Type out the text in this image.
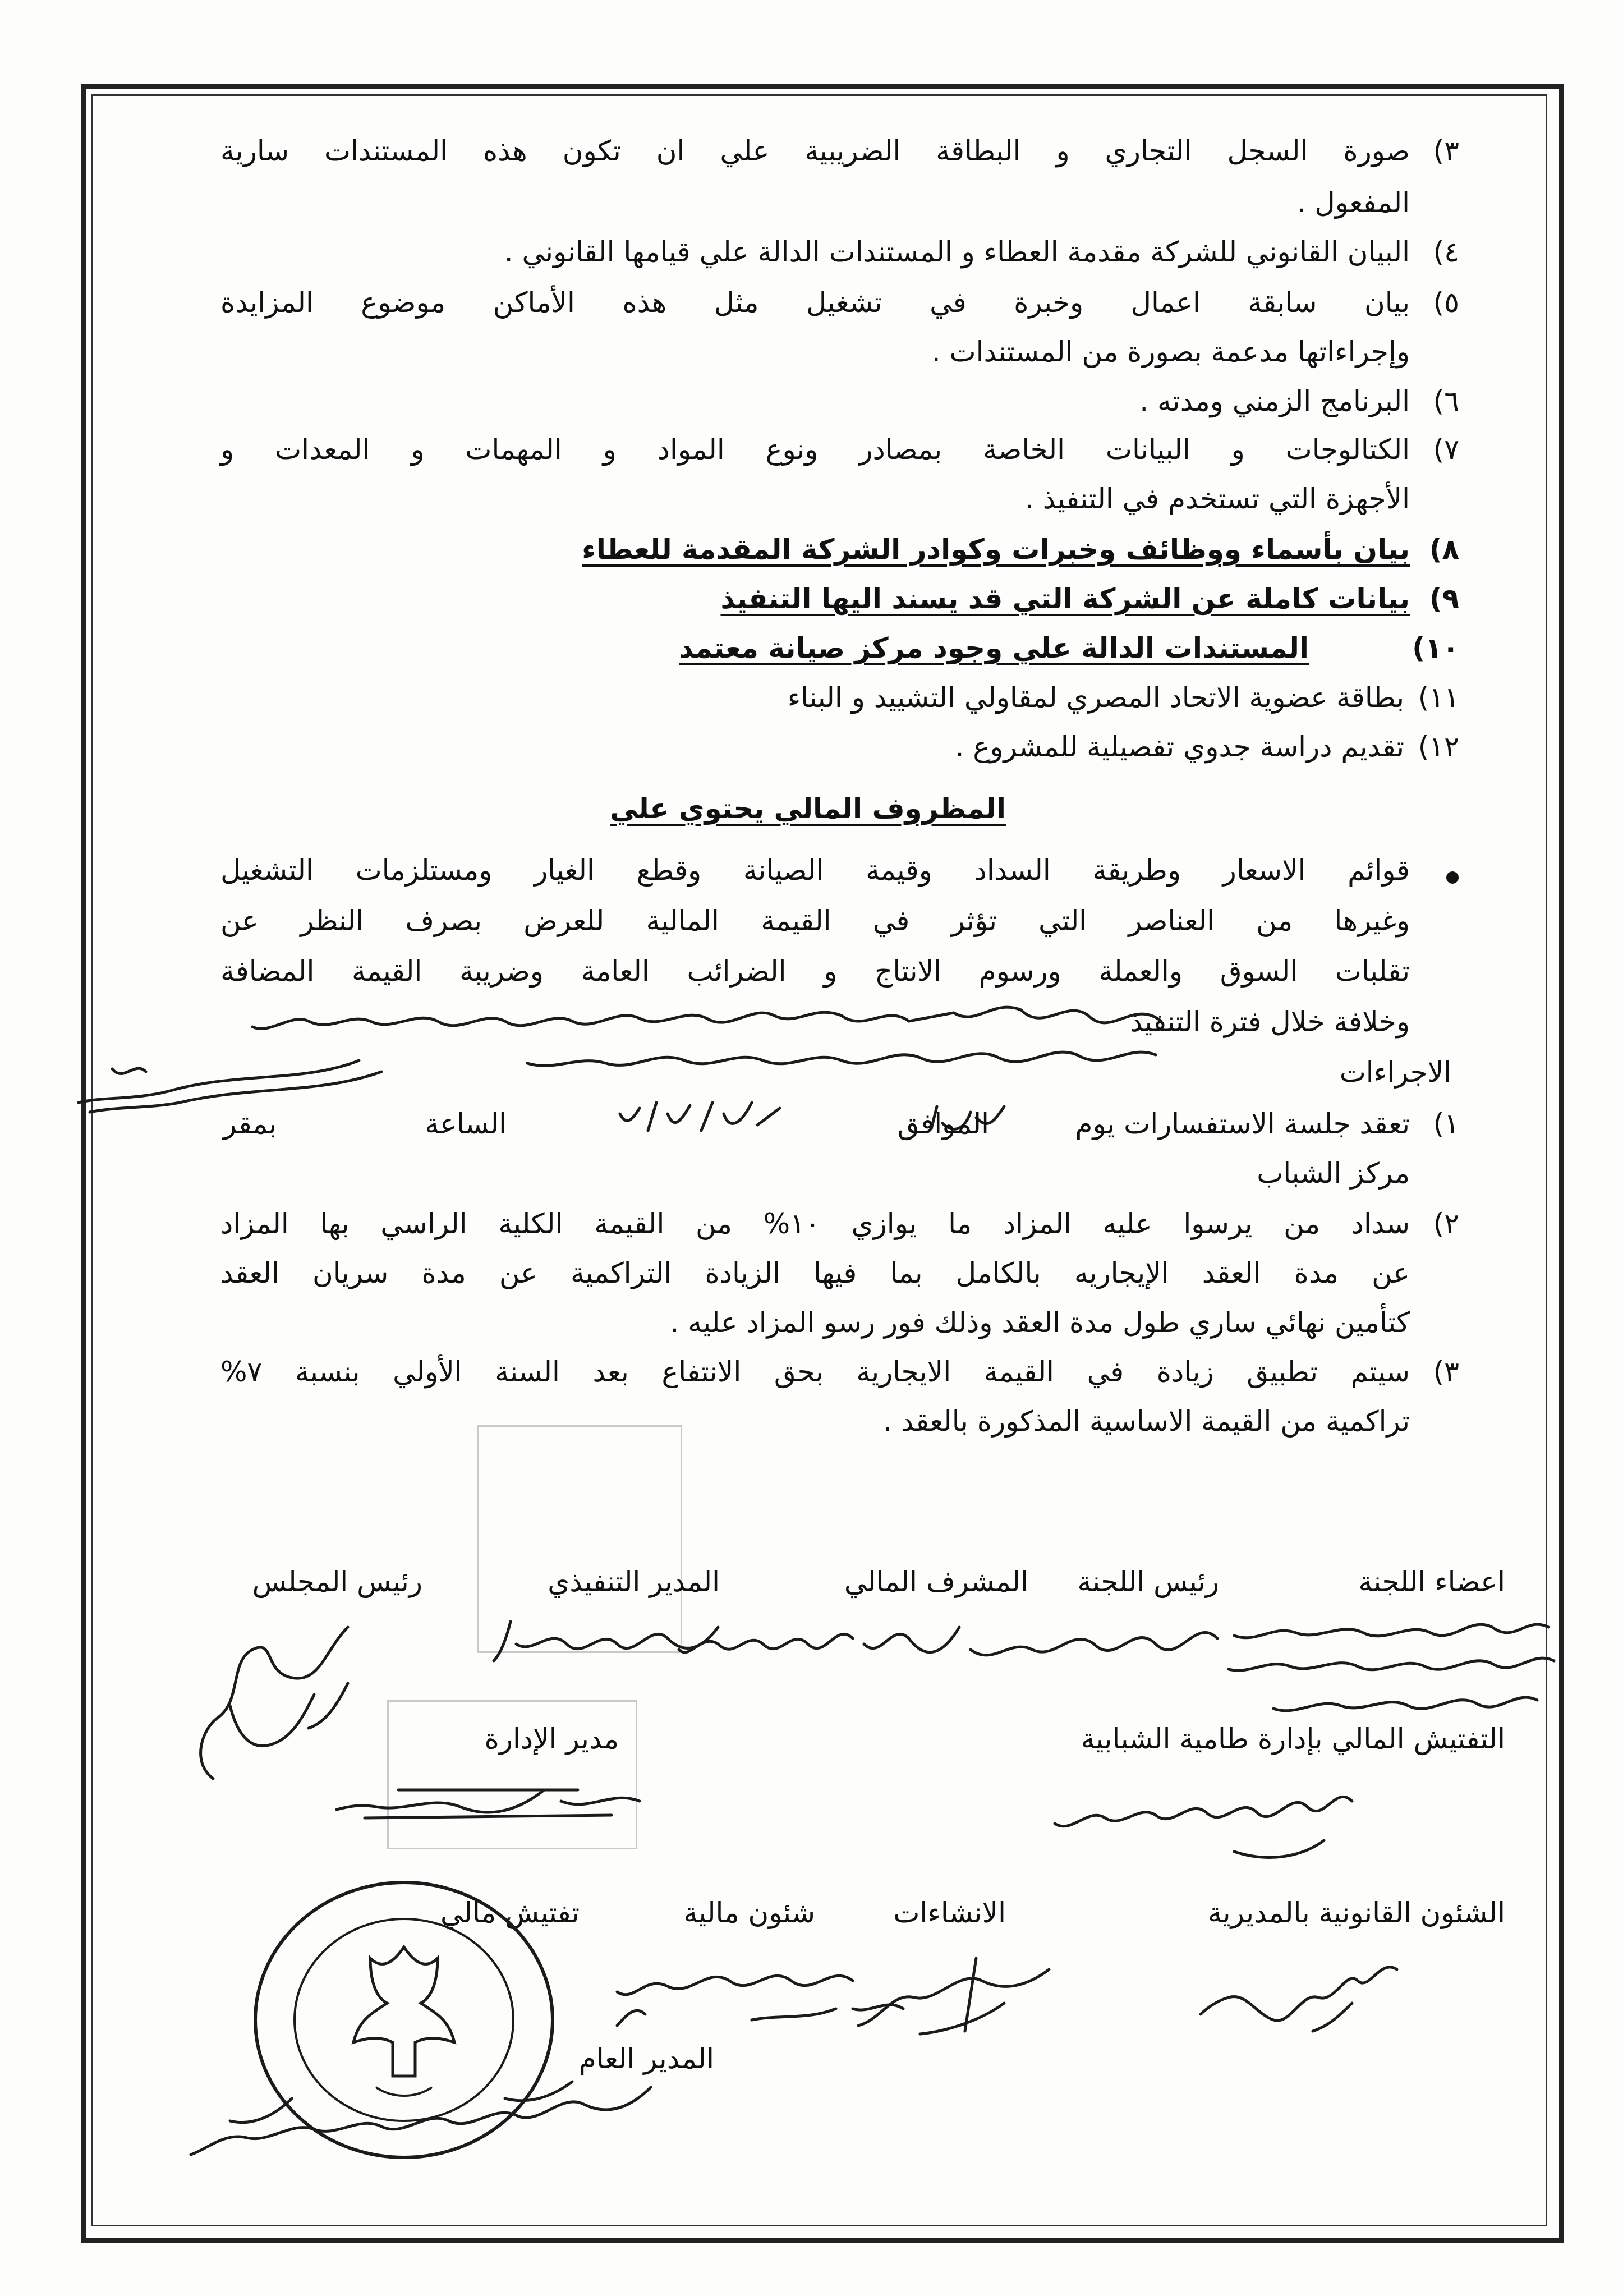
صورة السجل التجاري و البطاقة الضريبية علي ان تكون هذه المستندات سارية ٣)
المفعول .
٤)
البيان القانوني للشركة مقدمة العطاء و المستندات الدالة علي قيامها القانوني .
٥)
بيان سابقة اعمال وخبرة في تشغيل مثل هذه الأماكن موضوع المزايدة
وإجراءاتها مدعمة بصورة من المستندات .
٦)
البرنامج الزمني ومدته .
٧)
الكتالوجات و البيانات الخاصة بمصادر ونوع المواد و المهمات و المعدات و
الأجهزة التي تستخدم في التنفيذ .
٨)
بيان بأسماء ووظائف وخبرات وكوادر الشركة المقدمة للعطاء
٩)
بيانات كاملة عن الشركة التي قد يسند اليها التنفيذ
١٠)
المستندات الدالة علي وجود مركز صيانة معتمد
١١)
بطاقة عضوية الاتحاد المصري لمقاولي التشييد و البناء
١٢)
تقديم دراسة جدوي تفصيلية للمشروع .
المظروف المالي يحتوي علي
قوائم الاسعار وطريقة السداد وقيمة الصيانة وقطع الغيار ومستلزمات التشغيل
وغيرها من العناصر التي تؤثر في القيمة المالية للعرض بصرف النظر عن
تقلبات السوق والعملة ورسوم الانتاج و الضرائب العامة وضريبة القيمة المضافة
وخلافة خلال فترة التنفيذ
الاجراءات
١)
تعقد جلسة الاستفسارات يوم
الموافق
الساعة
بمقر
مركز الشباب
٢)
سداد من يرسوا عليه المزاد ما يوازي ١٠% من القيمة الكلية الراسي بها المزاد
عن مدة العقد الإيجاريه بالكامل بما فيها الزيادة التراكمية عن مدة سريان العقد
كتأمين نهائي ساري طول مدة العقد وذلك فور رسو المزاد عليه .
٣)
سيتم تطبيق زيادة في القيمة الايجارية بحق الانتفاع بعد السنة الأولي بنسبة ٧%
تراكمية من القيمة الاساسية المذكورة بالعقد .
اعضاء اللجنة
رئيس اللجنة
المشرف المالي
المدير التنفيذي
رئيس المجلس
التفتيش المالي بإدارة طامية الشبابية
مدير الإدارة
الشئون القانونية بالمديرية
الانشاءات
شئون مالية
تفتيش مالي
المدير العام
